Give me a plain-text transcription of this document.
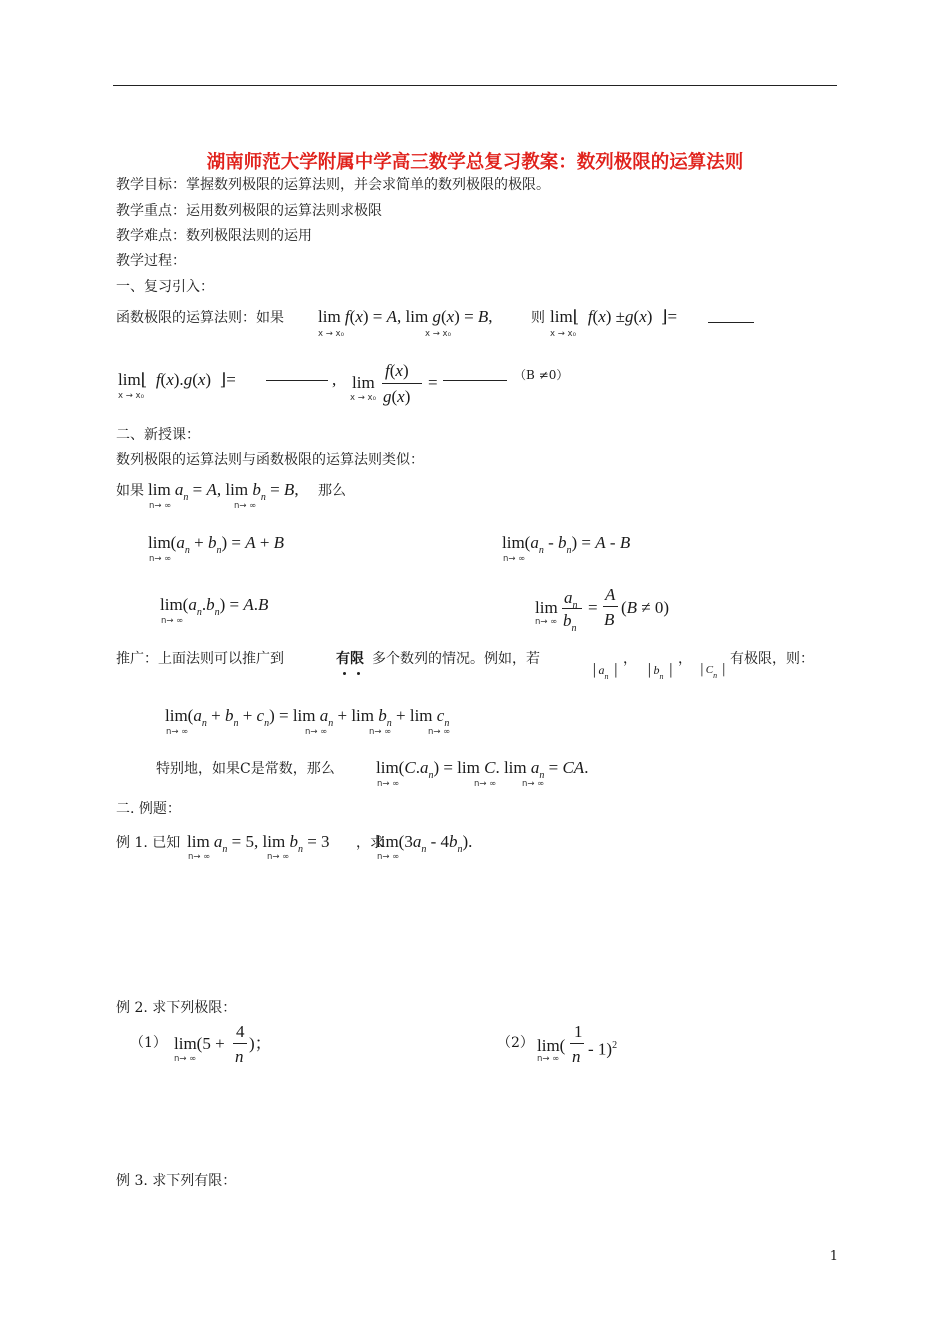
湖南师范大学附属中学高三数学总复习教案：数列极限的运算法则
教学目标：掌握数列极限的运算法则，并会求简单的数列极限的极限。
教学重点：运用数列极限的运算法则求极限
教学难点：数列极限法则的运用
教学过程：
一、复习引入：
函数极限的运算法则：如果 lim f(x) = A, lim g(x) = B,
x → x₀	x → x₀
则 lim⌊  f(x) ±g(x)  ⌋=
x → x₀
lim⌊  f(x).g(x)  ⌋=
x → x₀
, lim
x → x₀
f(x)
g(x)
=	（B ≠0）
二、新授课：
数列极限的运算法则与函数极限的运算法则类似：
如果 $\lim a_n = A$, $\lim b_n = B$,
n→ ∞	n→ ∞
那么
$\lim(a_n + b_n) = A + B$
n→ ∞
$\lim(a_n - b_n) = A - B$
n→ ∞
$\lim(a_n.b_n) = A.B$
n→ ∞
lim
n→ ∞
$a_n$
$b_n$
=
A
B
(B ≠ 0)
推广：上面法则可以推广到	有限 多个数列的情况。例如，若
$│a_n$ │
，
$│b_n$ │
，
$│C_n$ │
有极限，则：
$\lim(a_n + b_n + c_n) = \lim a_n + \lim b_n + \lim c_n$
n→ ∞	n→ ∞	n→ ∞	n→ ∞
特别地，如果C是常数，那么 $\lim(C.a_n) = \lim C$. $\lim a_n$ = CA.
n→ ∞	n→ ∞	n→ ∞
二. 例题：
例 1. 已知 $\lim a_n = 5$, $\lim b_n = 3$
n→ ∞	n→ ∞
，求
$\lim(3a_n - 4b_n)$.
n→ ∞
例 2. 求下列极限：
（1） lim(5 +
n→ ∞
4
n
)；	（2） lim(
n→ ∞
1
n - 1)$^2$
例 3. 求下列有限：
1
